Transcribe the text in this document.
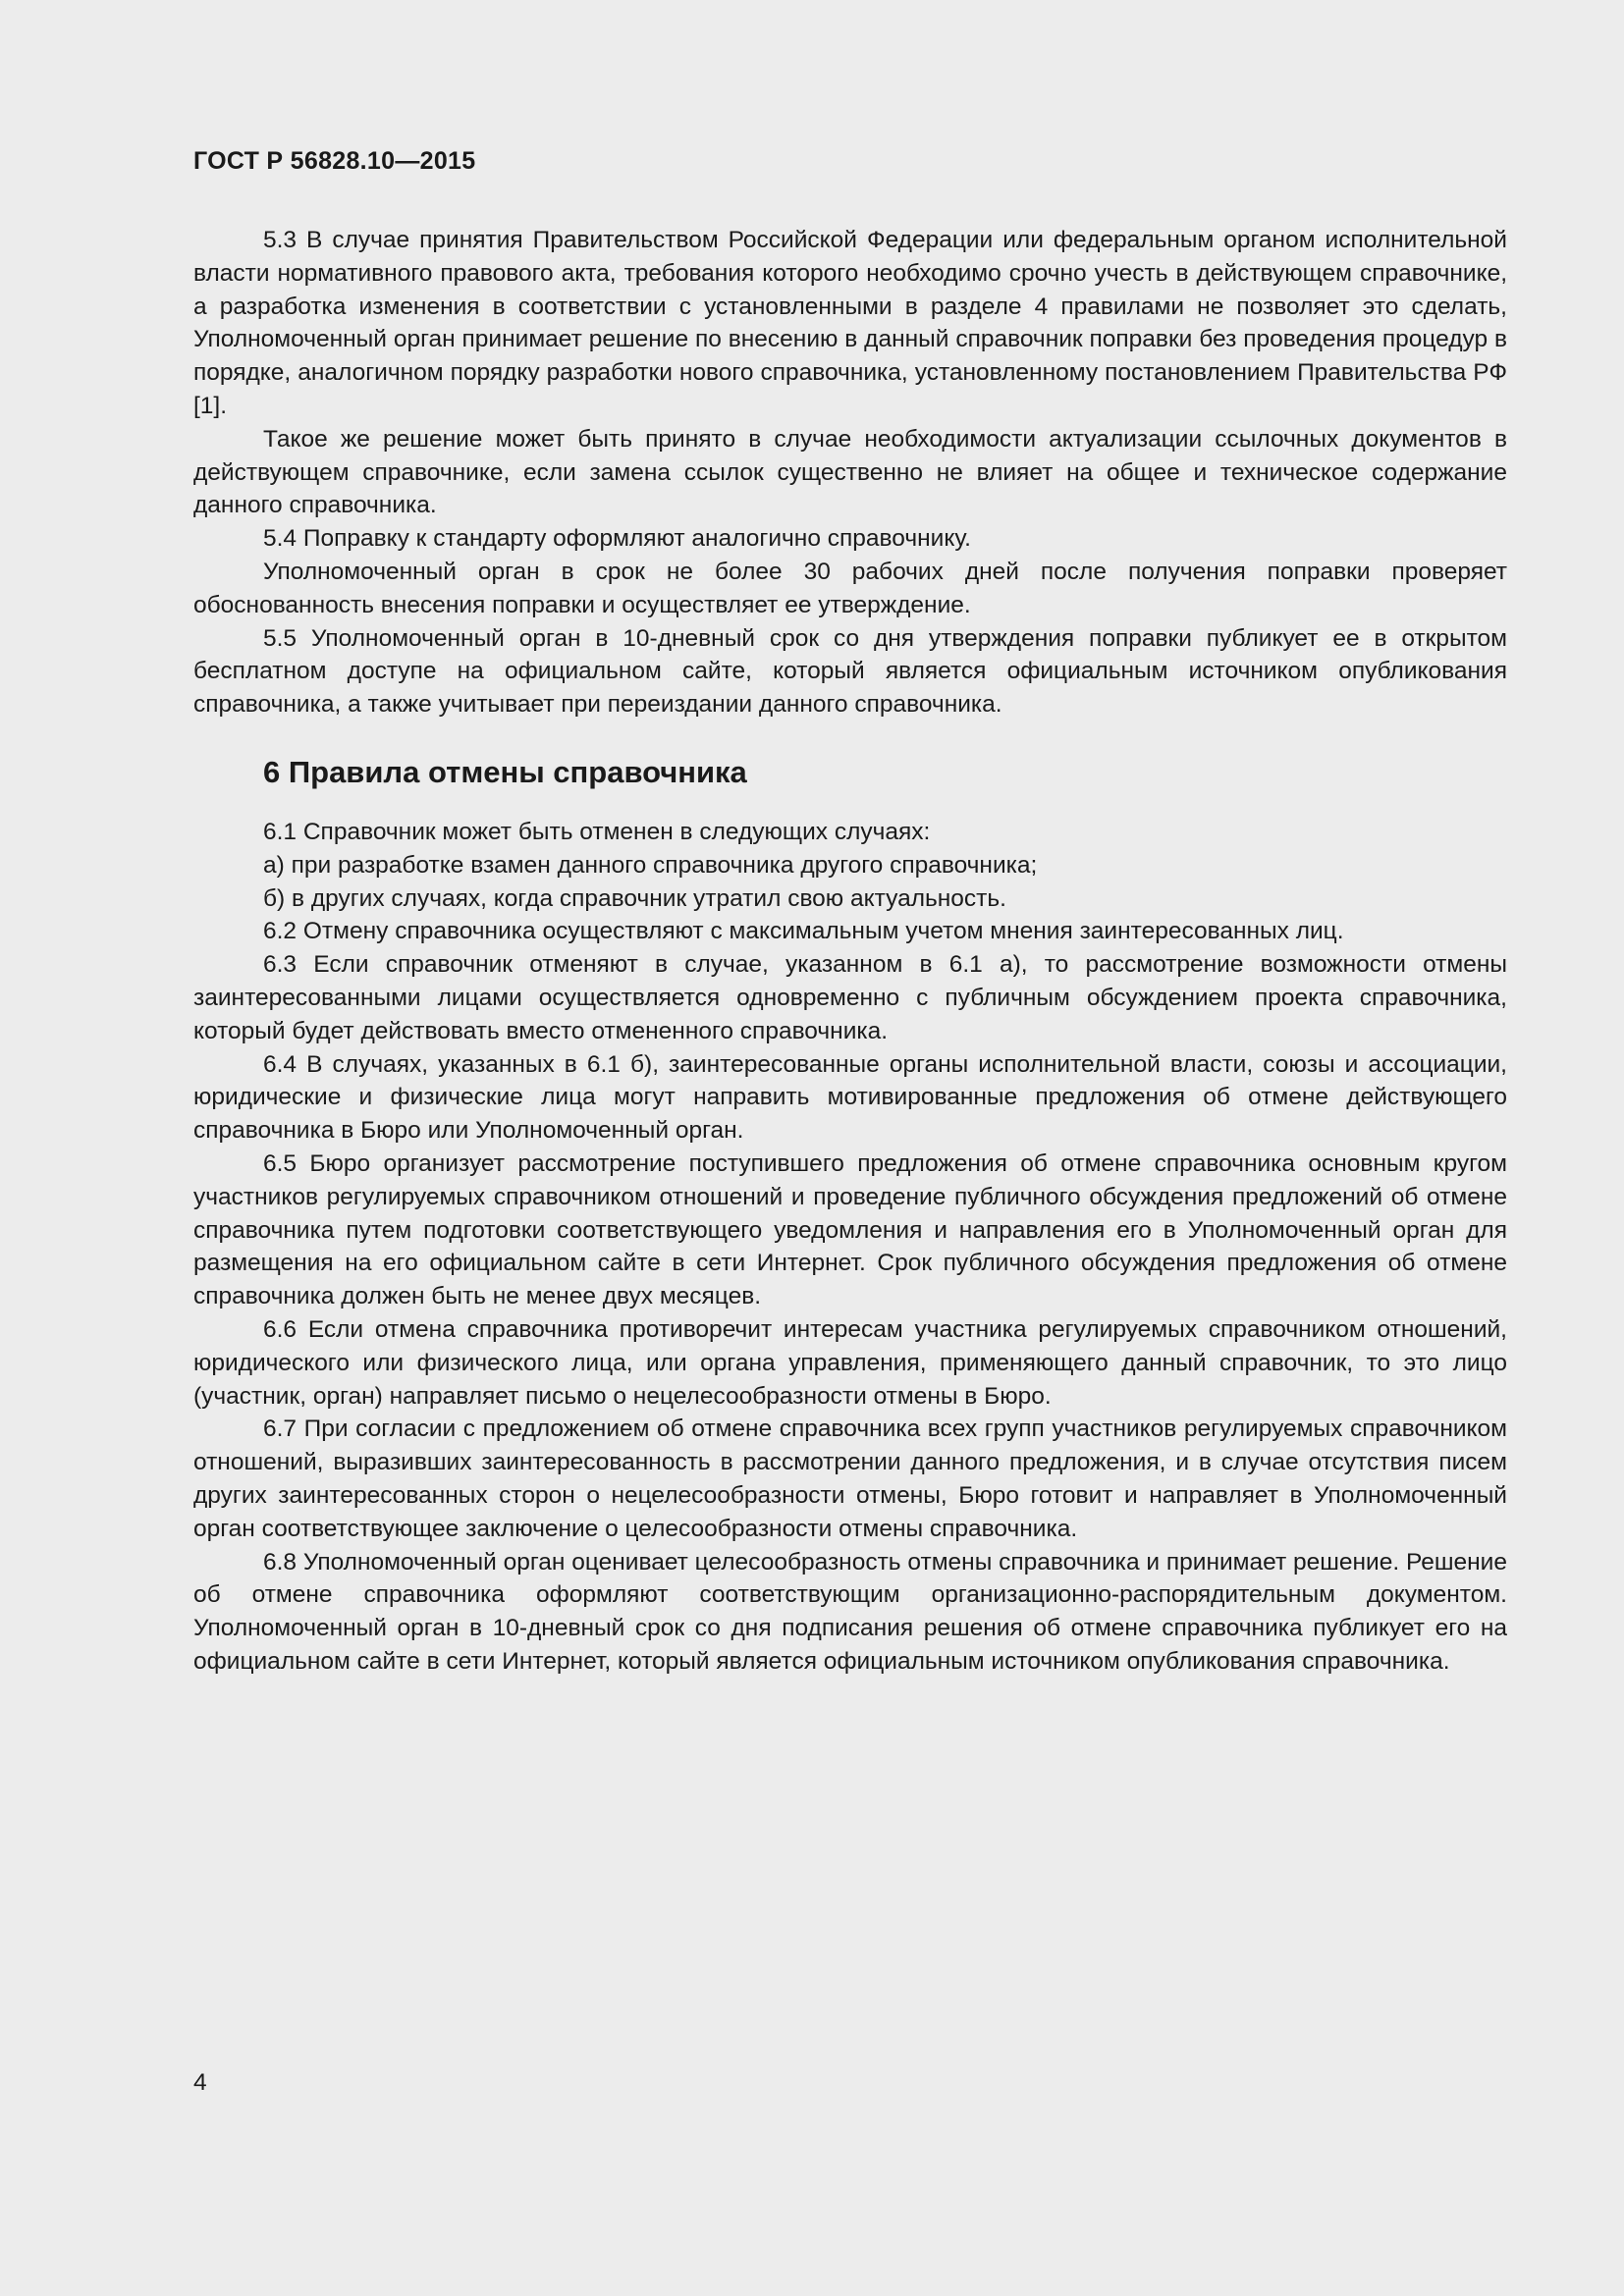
ГОСТ Р 56828.10—2015

5.3 В случае принятия Правительством Российской Федерации или федеральным органом исполнительной власти нормативного правового акта, требования которого необходимо срочно учесть в действующем справочнике, а разработка изменения в соответствии с установленными в разделе 4 правилами не позволяет это сделать, Уполномоченный орган принимает решение по внесению в данный справочник поправки без проведения процедур в порядке, аналогичном порядку разработки нового справочника, установленному постановлением Правительства РФ [1].

Такое же решение может быть принято в случае необходимости актуализации ссылочных документов в действующем справочнике, если замена ссылок существенно не влияет на общее и техническое содержание данного справочника.

5.4 Поправку к стандарту оформляют аналогично справочнику.

Уполномоченный орган в срок не более 30 рабочих дней после получения поправки проверяет обоснованность внесения поправки и осуществляет ее утверждение.

5.5 Уполномоченный орган в 10-дневный срок со дня утверждения поправки публикует ее в открытом бесплатном доступе на официальном сайте, который является официальным источником опубликования справочника, а также учитывает при переиздании данного справочника.

6 Правила отмены справочника

6.1 Справочник может быть отменен в следующих случаях:

а) при разработке взамен данного справочника другого справочника;

б) в других случаях, когда справочник утратил свою актуальность.

6.2 Отмену справочника осуществляют с максимальным учетом мнения заинтересованных лиц.

6.3 Если справочник отменяют в случае, указанном в 6.1 а), то рассмотрение возможности отмены заинтересованными лицами осуществляется одновременно с публичным обсуждением проекта справочника, который будет действовать вместо отмененного справочника.

6.4 В случаях, указанных в 6.1 б), заинтересованные органы исполнительной власти, союзы и ассоциации, юридические и физические лица могут направить мотивированные предложения об отмене действующего справочника в Бюро или Уполномоченный орган.

6.5 Бюро организует рассмотрение поступившего предложения об отмене справочника основным кругом участников регулируемых справочником отношений и проведение публичного обсуждения предложений об отмене справочника путем подготовки соответствующего уведомления и направления его в Уполномоченный орган для размещения на его официальном сайте в сети Интернет. Срок публичного обсуждения предложения об отмене справочника должен быть не менее двух месяцев.

6.6 Если отмена справочника противоречит интересам участника регулируемых справочником отношений, юридического или физического лица, или органа управления, применяющего данный справочник, то это лицо (участник, орган) направляет письмо о нецелесообразности отмены в Бюро.

6.7 При согласии с предложением об отмене справочника всех групп участников регулируемых справочником отношений, выразивших заинтересованность в рассмотрении данного предложения, и в случае отсутствия писем других заинтересованных сторон о нецелесообразности отмены, Бюро готовит и направляет в Уполномоченный орган соответствующее заключение о целесообразности отмены справочника.

6.8 Уполномоченный орган оценивает целесообразность отмены справочника и принимает решение. Решение об отмене справочника оформляют соответствующим организационно-распорядительным документом. Уполномоченный орган в 10-дневный срок со дня подписания решения об отмене справочника публикует его на официальном сайте в сети Интернет, который является официальным источником опубликования справочника.

4
